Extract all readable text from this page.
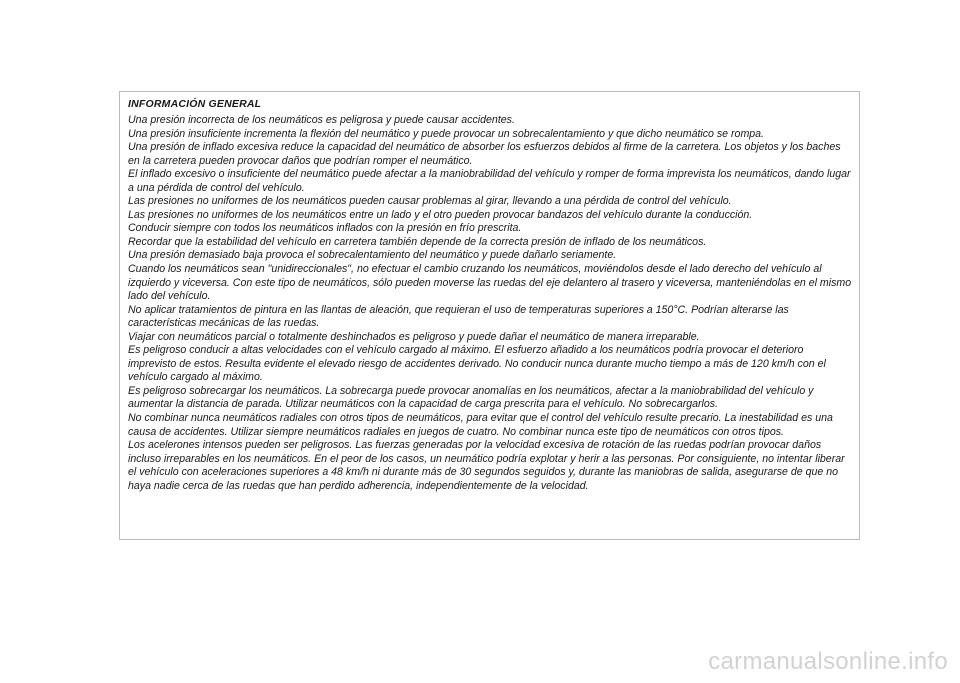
INFORMACIÓN GENERAL

Una presión incorrecta de los neumáticos es peligrosa y puede causar accidentes.

Una presión insuficiente incrementa la flexión del neumático y puede provocar un sobrecalentamiento y que dicho neumático se rompa.

Una presión de inflado excesiva reduce la capacidad del neumático de absorber los esfuerzos debidos al firme de la carretera. Los objetos y los baches en la carretera pueden provocar daños que podrían romper el neumático.

El inflado excesivo o insuficiente del neumático puede afectar a la maniobrabilidad del vehículo y romper de forma imprevista los neumáticos, dando lugar a una pérdida de control del vehículo.

Las presiones no uniformes de los neumáticos pueden causar problemas al girar, llevando a una pérdida de control del vehículo.

Las presiones no uniformes de los neumáticos entre un lado y el otro pueden provocar bandazos del vehículo durante la conducción.

Conducir siempre con todos los neumáticos inflados con la presión en frío prescrita.

Recordar que la estabilidad del vehículo en carretera también depende de la correcta presión de inflado de los neumáticos.

Una presión demasiado baja provoca el sobrecalentamiento del neumático y puede dañarlo seriamente.

Cuando los neumáticos sean "unidireccionales", no efectuar el cambio cruzando los neumáticos, moviéndolos desde el lado derecho del vehículo al izquierdo y viceversa. Con este tipo de neumáticos, sólo pueden moverse las ruedas del eje delantero al trasero y viceversa, manteniéndolas en el mismo lado del vehículo.

No aplicar tratamientos de pintura en las llantas de aleación, que requieran el uso de temperaturas superiores a 150°C. Podrían alterarse las características mecánicas de las ruedas.

Viajar con neumáticos parcial o totalmente deshinchados es peligroso y puede dañar el neumático de manera irreparable.

Es peligroso conducir a altas velocidades con el vehículo cargado al máximo. El esfuerzo añadido a los neumáticos podría provocar el deterioro imprevisto de estos. Resulta evidente el elevado riesgo de accidentes derivado. No conducir nunca durante mucho tiempo a más de 120 km/h con el vehículo cargado al máximo.

Es peligroso sobrecargar los neumáticos. La sobrecarga puede provocar anomalías en los neumáticos, afectar a la maniobrabilidad del vehículo y aumentar la distancia de parada. Utilizar neumáticos con la capacidad de carga prescrita para el vehículo. No sobrecargarlos.

No combinar nunca neumáticos radiales con otros tipos de neumáticos, para evitar que el control del vehículo resulte precario. La inestabilidad es una causa de accidentes. Utilizar siempre neumáticos radiales en juegos de cuatro. No combinar nunca este tipo de neumáticos con otros tipos.

Los acelerones intensos pueden ser peligrosos. Las fuerzas generadas por la velocidad excesiva de rotación de las ruedas podrían provocar daños incluso irreparables en los neumáticos. En el peor de los casos, un neumático podría explotar y herir a las personas. Por consiguiente, no intentar liberar el vehículo con aceleraciones superiores a 48 km/h ni durante más de 30 segundos seguidos y, durante las maniobras de salida, asegurarse de que no haya nadie cerca de las ruedas que han perdido adherencia, independientemente de la velocidad.

carmanualsonline.info
